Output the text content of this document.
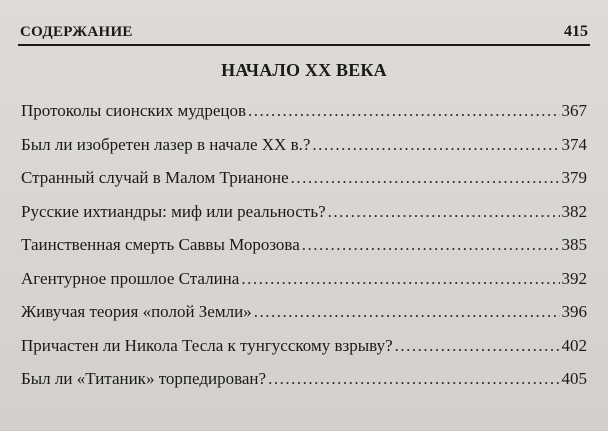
СОДЕРЖАНИЕ	415
НАЧАЛО XX ВЕКА
Протоколы сионских мудрецов .....	367
Был ли изобретен лазер в начале XX в.? .....	374
Странный случай в Малом Трианоне .....	379
Русские ихтиандры: миф или реальность? .....	382
Таинственная смерть Саввы Морозова .....	385
Агентурное прошлое Сталина .....	392
Живучая теория «полой Земли» .....	396
Причастен ли Никола Тесла к тунгусскому взрыву? .....	402
Был ли «Титаник» торпедирован? .....	405
